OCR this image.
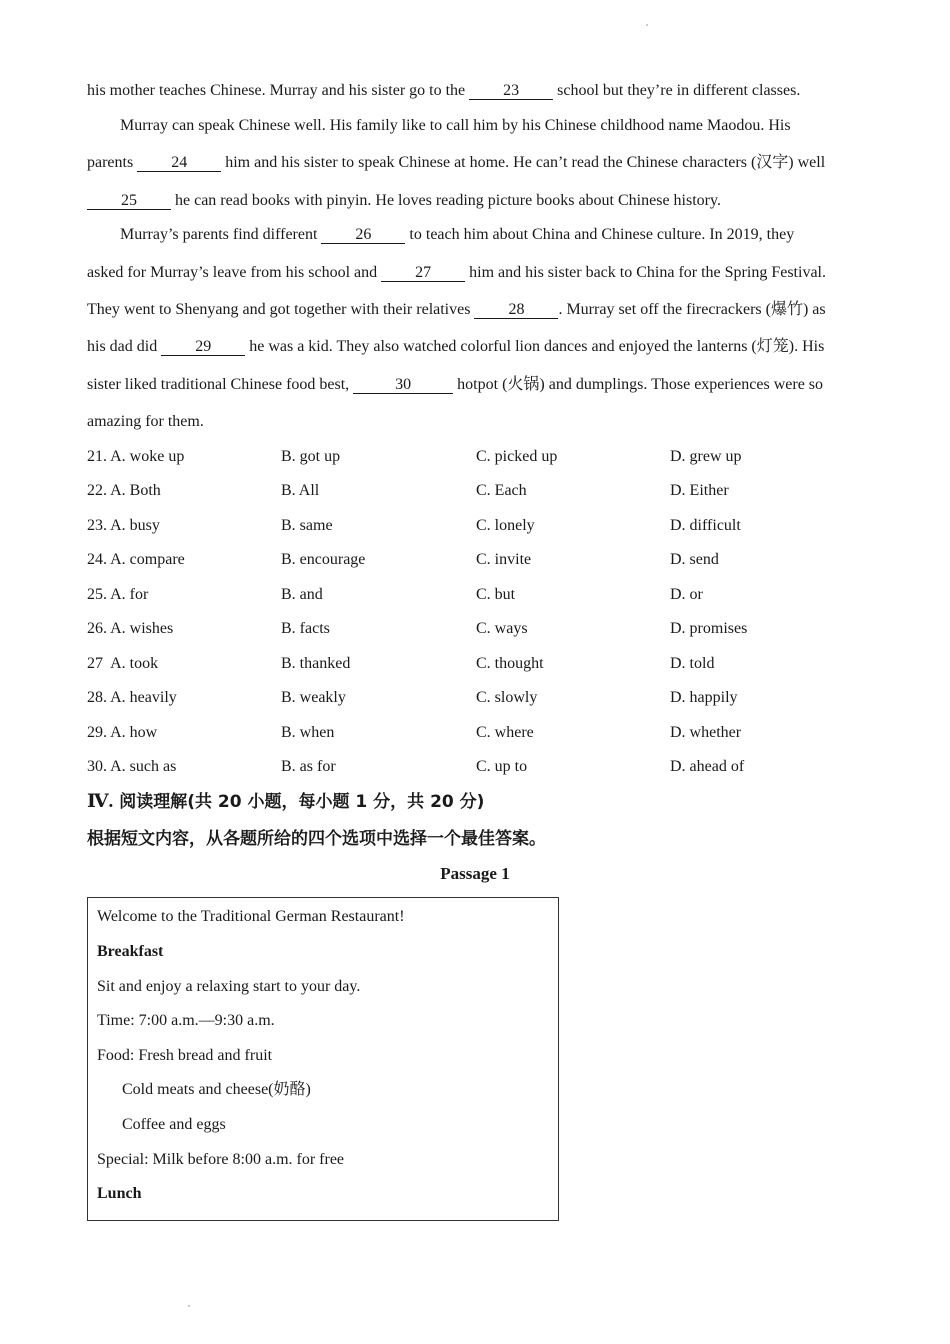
his mother teaches Chinese. Murray and his sister go to the 23 school but they’re in different classes.
Murray can speak Chinese well. His family like to call him by his Chinese childhood name Maodou. His
parents 24 him and his sister to speak Chinese at home. He can’t read the Chinese characters (汉字) well
25 he can read books with pinyin. He loves reading picture books about Chinese history.
Murray’s parents find different 26 to teach him about China and Chinese culture. In 2019, they
asked for Murray’s leave from his school and 27 him and his sister back to China for the Spring Festival.
They went to Shenyang and got together with their relatives 28 . Murray set off the firecrackers (爆竹) as
his dad did 29 he was a kid. They also watched colorful lion dances and enjoyed the lanterns (灯笼). His
sister liked traditional Chinese food best,	30	hotpot (火锅) and dumplings. Those experiences were so
amazing for them.
21. A. woke up	B. got up	C. picked up	D. grew up
22. A. Both	B. All	C. Each	D. Either
23. A. busy	B. same	C. lonely	D. difficult
24. A. compare	B. encourage	C. invite	D. send
25. A. for	B. and	C. but	D. or
26. A. wishes	B. facts	C. ways	D. promises
27  A. took	B. thanked	C. thought	D. told
28. A. heavily	B. weakly	C. slowly	D. happily
29. A. how	B. when	C. where	D. whether
30. A. such as	B. as for	C. up to	D. ahead of
Ⅳ. 阅读理解(共 20 小题，每小题 1 分，共 20 分)
根据短文内容，从各题所给的四个选项中选择一个最佳答案。
Passage 1
Welcome to the Traditional German Restaurant!
Breakfast
Sit and enjoy a relaxing start to your day.
Time: 7:00 a.m.—9:30 a.m.
Food: Fresh bread and fruit
Cold meats and cheese(奶酪)
Coffee and eggs
Special: Milk before 8:00 a.m. for free
Lunch
